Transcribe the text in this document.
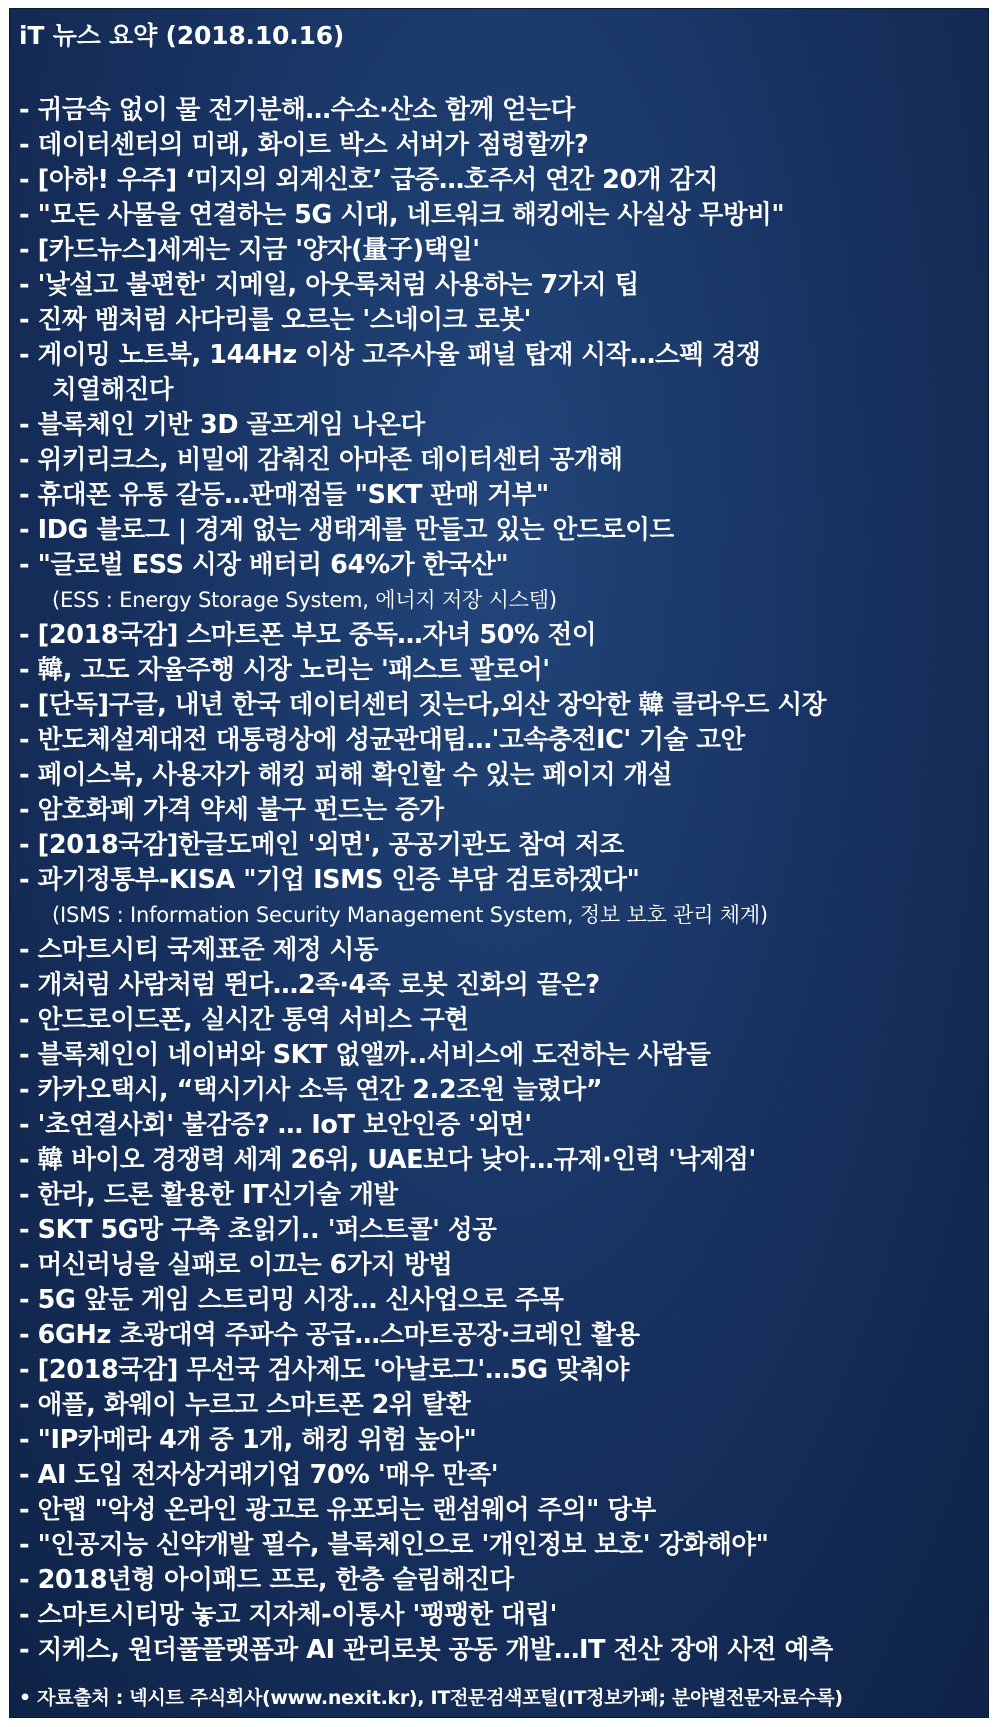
iT 뉴스 요약 (2018.10.16)
- 귀금속 없이 물 전기분해…수소·산소 함께 얻는다
- 데이터센터의 미래, 화이트 박스 서버가 점령할까?
- [아하! 우주] ‘미지의 외계신호’ 급증…호주서 연간 20개 감지
- "모든 사물을 연결하는 5G 시대, 네트워크 해킹에는 사실상 무방비"
- [카드뉴스]세계는 지금 '양자(量子)택일'
- '낯설고 불편한' 지메일, 아웃룩처럼 사용하는 7가지 팁
- 진짜 뱀처럼 사다리를 오르는 '스네이크 로봇'
- 게이밍 노트북, 144Hz 이상 고주사율 패널 탑재 시작…스펙 경쟁
치열해진다
- 블록체인 기반 3D 골프게임 나온다
- 위키리크스, 비밀에 감춰진 아마존 데이터센터 공개해
- 휴대폰 유통 갈등…판매점들 "SKT 판매 거부"
- IDG 블로그 | 경계 없는 생태계를 만들고 있는 안드로이드
- "글로벌 ESS 시장 배터리 64%가 한국산"
(ESS : Energy Storage System, 에너지 저장 시스템)
- [2018국감] 스마트폰 부모 중독…자녀 50% 전이
- 韓, 고도 자율주행 시장 노리는 '패스트 팔로어'
- [단독]구글, 내년 한국 데이터센터 짓는다,외산 장악한 韓 클라우드 시장
- 반도체설계대전 대통령상에 성균관대팀…'고속충전IC' 기술 고안
- 페이스북, 사용자가 해킹 피해 확인할 수 있는 페이지 개설
- 암호화폐 가격 약세 불구 펀드는 증가
- [2018국감]한글도메인 '외면', 공공기관도 참여 저조
- 과기정통부-KISA "기업 ISMS 인증 부담 검토하겠다"
(ISMS : Information Security Management System, 정보 보호 관리 체계)
- 스마트시티 국제표준 제정 시동
- 개처럼 사람처럼 뛴다…2족·4족 로봇 진화의 끝은?
- 안드로이드폰, 실시간 통역 서비스 구현
- 블록체인이 네이버와 SKT 없앨까..서비스에 도전하는 사람들
- 카카오택시, “택시기사 소득 연간 2.2조원 늘렸다”
- '초연결사회' 불감증? … IoT 보안인증 '외면'
- 韓 바이오 경쟁력 세계 26위, UAE보다 낮아…규제·인력 '낙제점'
- 한라, 드론 활용한 IT신기술 개발
- SKT 5G망 구축 초읽기.. '퍼스트콜' 성공
- 머신러닝을 실패로 이끄는 6가지 방법
- 5G 앞둔 게임 스트리밍 시장… 신사업으로 주목
- 6GHz 초광대역 주파수 공급…스마트공장·크레인 활용
- [2018국감] 무선국 검사제도 '아날로그'…5G 맞춰야
- 애플, 화웨이 누르고 스마트폰 2위 탈환
- "IP카메라 4개 중 1개, 해킹 위험 높아"
- AI 도입 전자상거래기업 70% '매우 만족'
- 안랩 "악성 온라인 광고로 유포되는 랜섬웨어 주의" 당부
- "인공지능 신약개발 필수, 블록체인으로 '개인정보 보호' 강화해야"
- 2018년형 아이패드 프로, 한층 슬림해진다
- 스마트시티망 놓고 지자체-이통사 '팽팽한 대립'
- 지케스, 원더풀플랫폼과 AI 관리로봇 공동 개발…IT 전산 장애 사전 예측
• 자료출처 : 넥시트 주식회사(www.nexit.kr), IT전문검색포털(IT정보카페; 분야별전문자료수록)
